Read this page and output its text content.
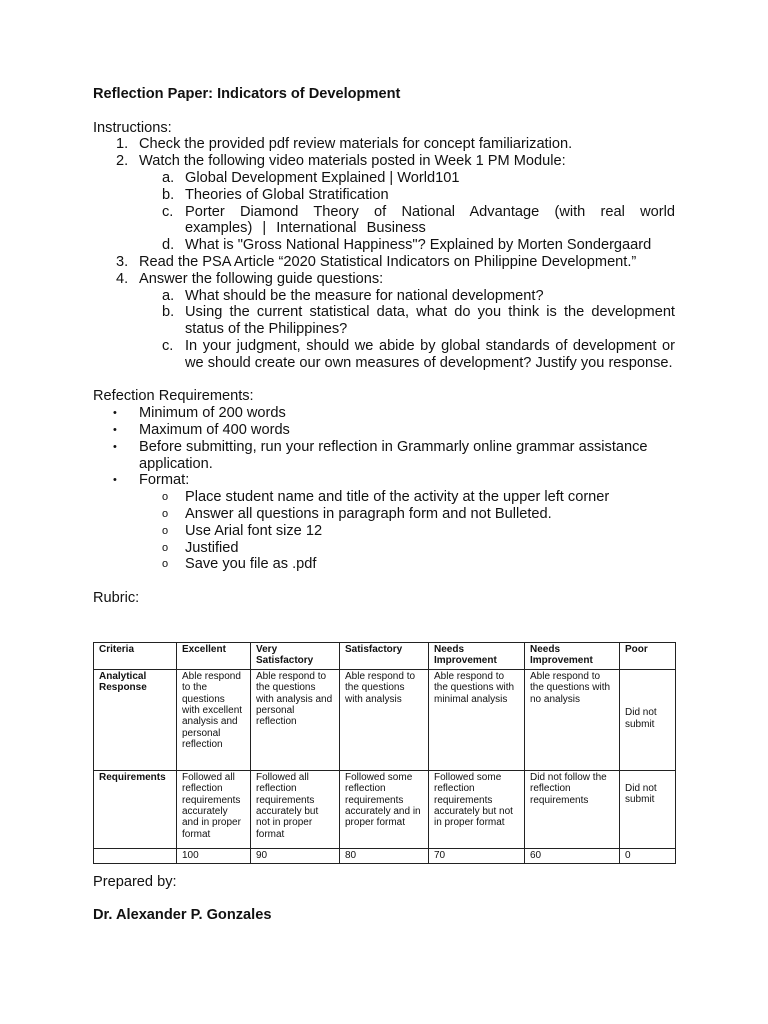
Reflection Paper: Indicators of Development

Instructions:

1. Check the provided pdf review materials for concept familiarization.
2. Watch the following video materials posted in Week 1 PM Module:
a. Global Development Explained | World101
b. Theories of Global Stratification
c. Porter Diamond Theory of National Advantage (with real world examples) | International Business
d. What is "Gross National Happiness"? Explained by Morten Sondergaard
3. Read the PSA Article “2020 Statistical Indicators on Philippine Development.”
4. Answer the following guide questions:
a. What should be the measure for national development?
b. Using the current statistical data, what do you think is the development status of the Philippines?
c. In your judgment, should we abide by global standards of development or we should create our own measures of development? Justify you response.

Refection Requirements:

•	Minimum of 200 words
•	Maximum of 400 words
•	Before submitting, run your reflection in Grammarly online grammar assistance application.
•	Format:
o	Place student name and title of the activity at the upper left corner
o	Answer all questions in paragraph form and not Bulleted.
o	Use Arial font size 12
o	Justified
o	Save you file as .pdf

Rubric:

Criteria	Excellent	Very Satisfactory	Satisfactory	Needs Improvement	Needs Improvement	Poor
Analytical Response	Able respond to the questions with excellent analysis and personal reflection	Able respond to the questions with analysis and personal reflection	Able respond to the questions with analysis	Able respond to the questions with minimal analysis	Able respond to the questions with no analysis	Did not submit
Requirements	Followed all reflection requirements accurately and in proper format	Followed all reflection requirements accurately but not in proper format	Followed some reflection requirements accurately and in proper format	Followed some reflection requirements accurately but not in proper format	Did not follow the reflection requirements	Did not submit
	100	90	80	70	60	0
Prepared by:
Dr. Alexander P. Gonzales
